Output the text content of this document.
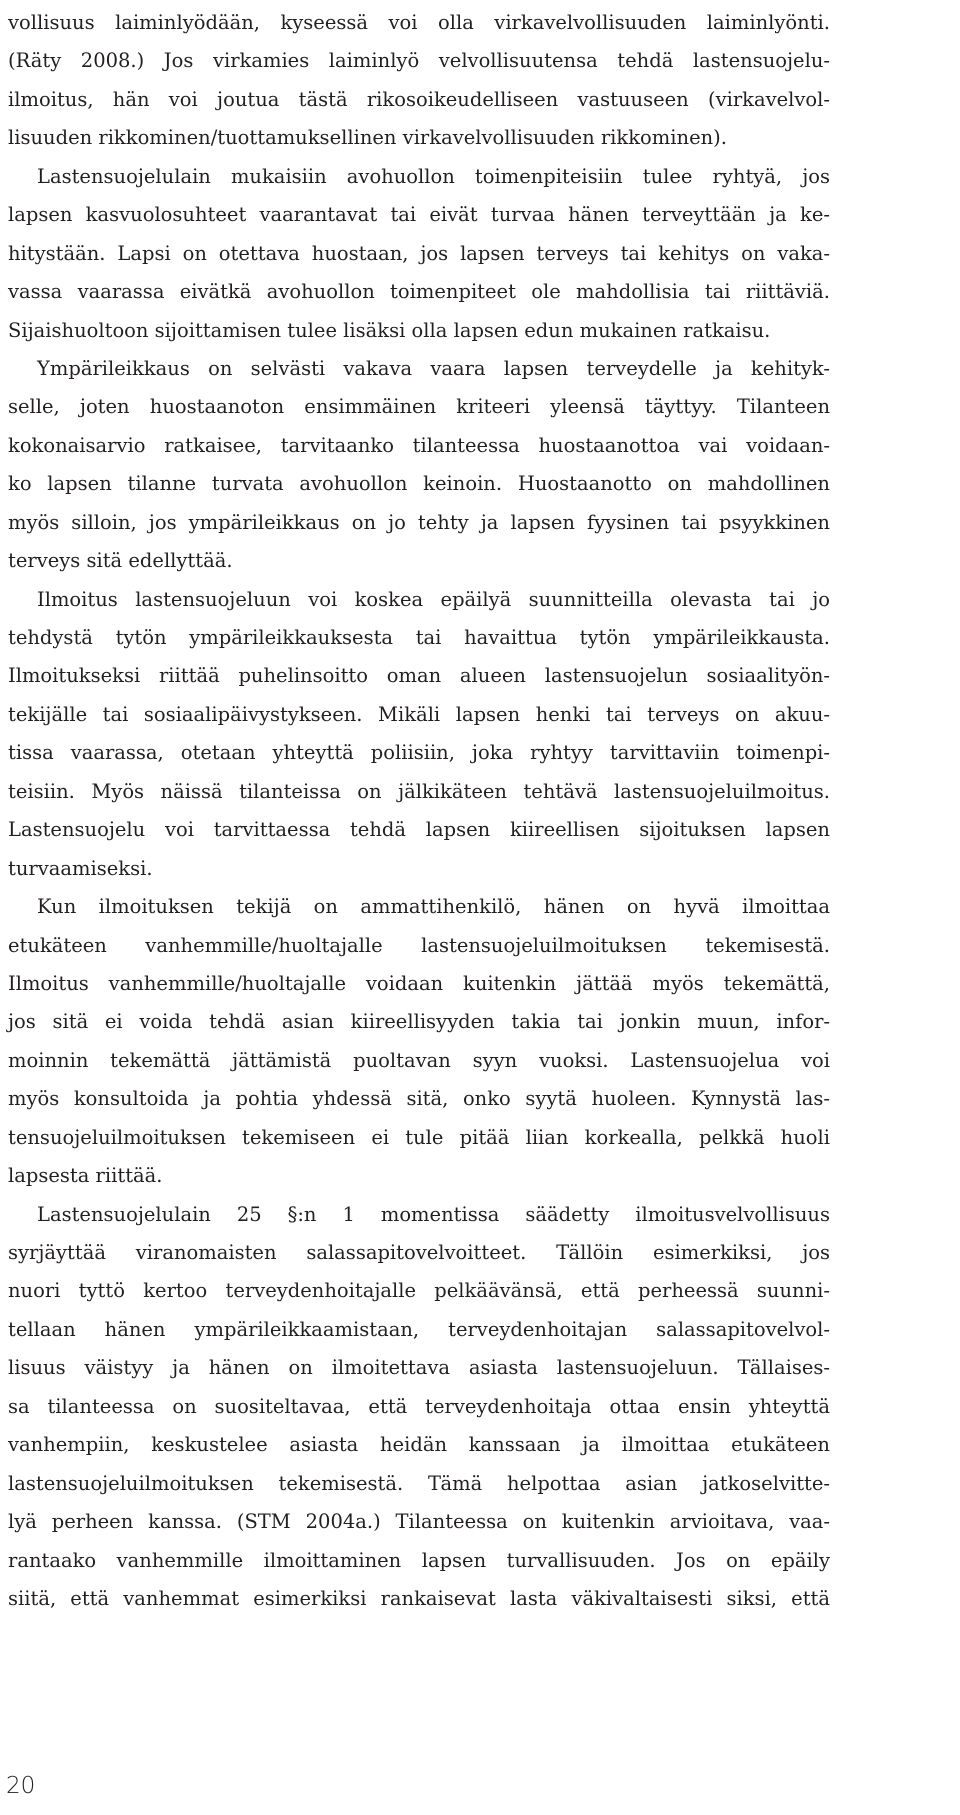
vollisuus laiminlyödään, kyseessä voi olla virkavelvollisuuden laiminlyönti.
(Räty 2008.) Jos virkamies laiminlyö velvollisuutensa tehdä lastensuojelu-
ilmoitus, hän voi joutua tästä rikosoikeudelliseen vastuuseen (virkavelvol-
lisuuden rikkominen/tuottamuksellinen virkavelvollisuuden rikkominen).
Lastensuojelulain mukaisiin avohuollon toimenpiteisiin tulee ryhtyä, jos
lapsen kasvuolosuhteet vaarantavat tai eivät turvaa hänen terveyttään ja ke-
hitystään. Lapsi on otettava huostaan, jos lapsen terveys tai kehitys on vaka-
vassa vaarassa eivätkä avohuollon toimenpiteet ole mahdollisia tai riittäviä.
Sijaishuoltoon sijoittamisen tulee lisäksi olla lapsen edun mukainen ratkaisu.
Ympärileikkaus on selvästi vakava vaara lapsen terveydelle ja kehityk-
selle, joten huostaanoton ensimmäinen kriteeri yleensä täyttyy. Tilanteen
kokonaisarvio ratkaisee, tarvitaanko tilanteessa huostaanottoa vai voidaan-
ko lapsen tilanne turvata avohuollon keinoin. Huostaanotto on mahdollinen
myös silloin, jos ympärileikkaus on jo tehty ja lapsen fyysinen tai psyykkinen
terveys sitä edellyttää.
Ilmoitus lastensuojeluun voi koskea epäilyä suunnitteilla olevasta tai jo
tehdystä tytön ympärileikkauksesta tai havaittua tytön ympärileikkausta.
Ilmoitukseksi riittää puhelinsoitto oman alueen lastensuojelun sosiaalityön-
tekijälle tai sosiaalipäivystykseen. Mikäli lapsen henki tai terveys on akuu-
tissa vaarassa, otetaan yhteyttä poliisiin, joka ryhtyy tarvittaviin toimenpi-
teisiin. Myös näissä tilanteissa on jälkikäteen tehtävä lastensuojeluilmoitus.
Lastensuojelu voi tarvittaessa tehdä lapsen kiireellisen sijoituksen lapsen
turvaamiseksi.
Kun ilmoituksen tekijä on ammattihenkilö, hänen on hyvä ilmoittaa
etukäteen vanhemmille/huoltajalle lastensuojeluilmoituksen tekemisestä.
Ilmoitus vanhemmille/huoltajalle voidaan kuitenkin jättää myös tekemättä,
jos sitä ei voida tehdä asian kiireellisyyden takia tai jonkin muun, infor-
moinnin tekemättä jättämistä puoltavan syyn vuoksi. Lastensuojelua voi
myös konsultoida ja pohtia yhdessä sitä, onko syytä huoleen. Kynnystä las-
tensuojeluilmoituksen tekemiseen ei tule pitää liian korkealla, pelkkä huoli
lapsesta riittää.
Lastensuojelulain 25 §:n 1 momentissa säädetty ilmoitusvelvollisuus
syrjäyttää viranomaisten salassapitovelvoitteet. Tällöin esimerkiksi, jos
nuori tyttö kertoo terveydenhoitajalle pelkäävänsä, että perheessä suunni-
tellaan hänen ympärileikkaamistaan, terveydenhoitajan salassapitovelvol-
lisuus väistyy ja hänen on ilmoitettava asiasta lastensuojeluun. Tällaises-
sa tilanteessa on suositeltavaa, että terveydenhoitaja ottaa ensin yhteyttä
vanhempiin, keskustelee asiasta heidän kanssaan ja ilmoittaa etukäteen
lastensuojeluilmoituksen tekemisestä. Tämä helpottaa asian jatkoselvitte-
lyä perheen kanssa. (STM 2004a.) Tilanteessa on kuitenkin arvioitava, vaa-
rantaako vanhemmille ilmoittaminen lapsen turvallisuuden. Jos on epäily
siitä, että vanhemmat esimerkiksi rankaisevat lasta väkivaltaisesti siksi, että
20
